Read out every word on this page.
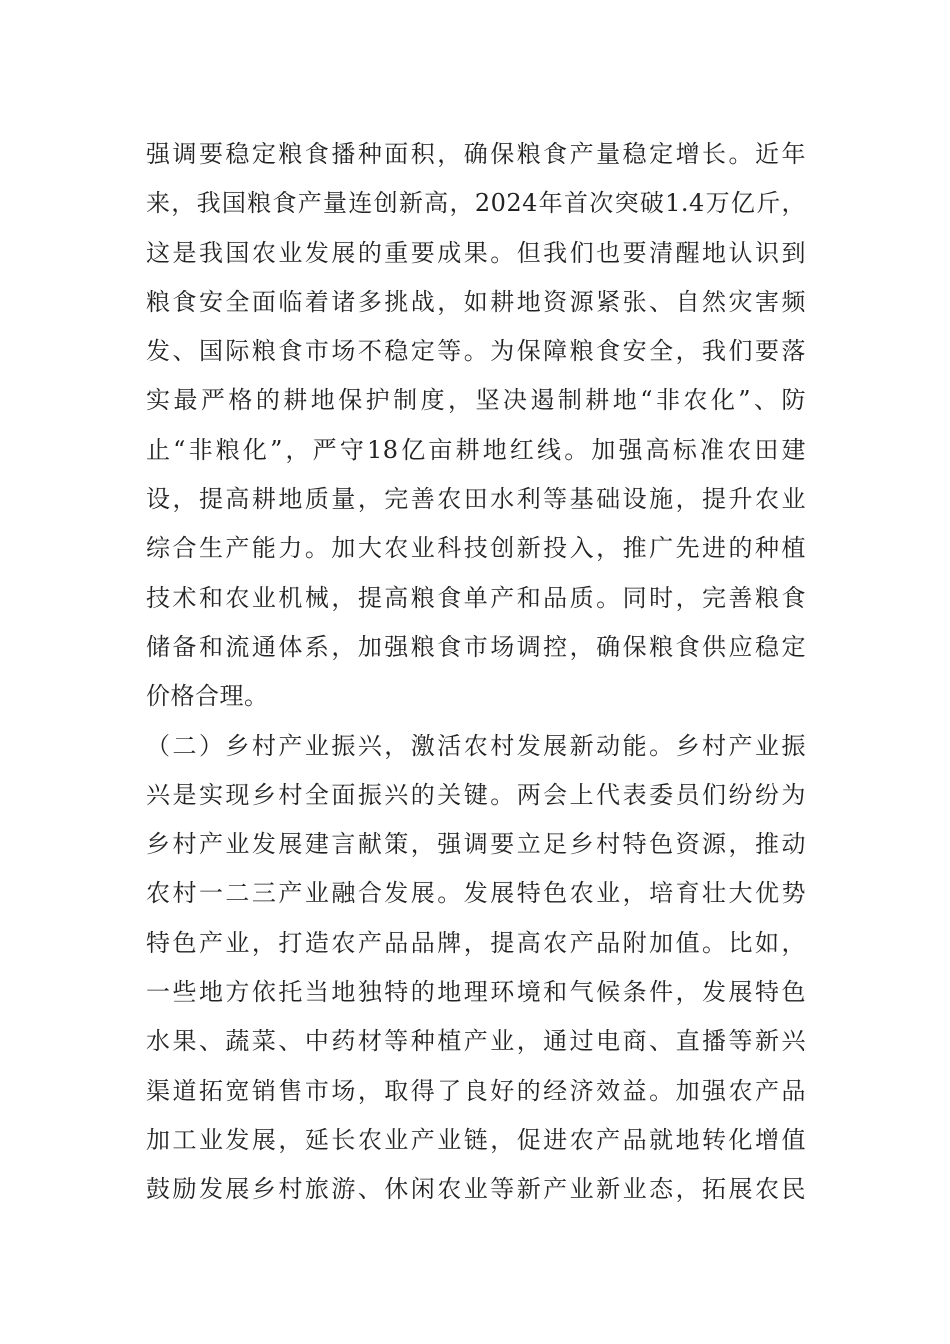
强调要稳定粮食播种面积，确保粮食产量稳定增长。近年
来，我国粮食产量连创新高，2024年首次突破1.4万亿斤，
这是我国农业发展的重要成果。但我们也要清醒地认识到
粮食安全面临着诸多挑战，如耕地资源紧张、自然灾害频
发、国际粮食市场不稳定等。为保障粮食安全，我们要落
实最严格的耕地保护制度，坚决遏制耕地“非农化”、防
止“非粮化”，严守18亿亩耕地红线。加强高标准农田建
设，提高耕地质量，完善农田水利等基础设施，提升农业
综合生产能力。加大农业科技创新投入，推广先进的种植
技术和农业机械，提高粮食单产和品质。同时，完善粮食
储备和流通体系，加强粮食市场调控，确保粮食供应稳定
价格合理。
（二）乡村产业振兴，激活农村发展新动能。乡村产业振
兴是实现乡村全面振兴的关键。两会上代表委员们纷纷为
乡村产业发展建言献策，强调要立足乡村特色资源，推动
农村一二三产业融合发展。发展特色农业，培育壮大优势
特色产业，打造农产品品牌，提高农产品附加值。比如，
一些地方依托当地独特的地理环境和气候条件，发展特色
水果、蔬菜、中药材等种植产业，通过电商、直播等新兴
渠道拓宽销售市场，取得了良好的经济效益。加强农产品
加工业发展，延长农业产业链，促进农产品就地转化增值
鼓励发展乡村旅游、休闲农业等新产业新业态，拓展农民
